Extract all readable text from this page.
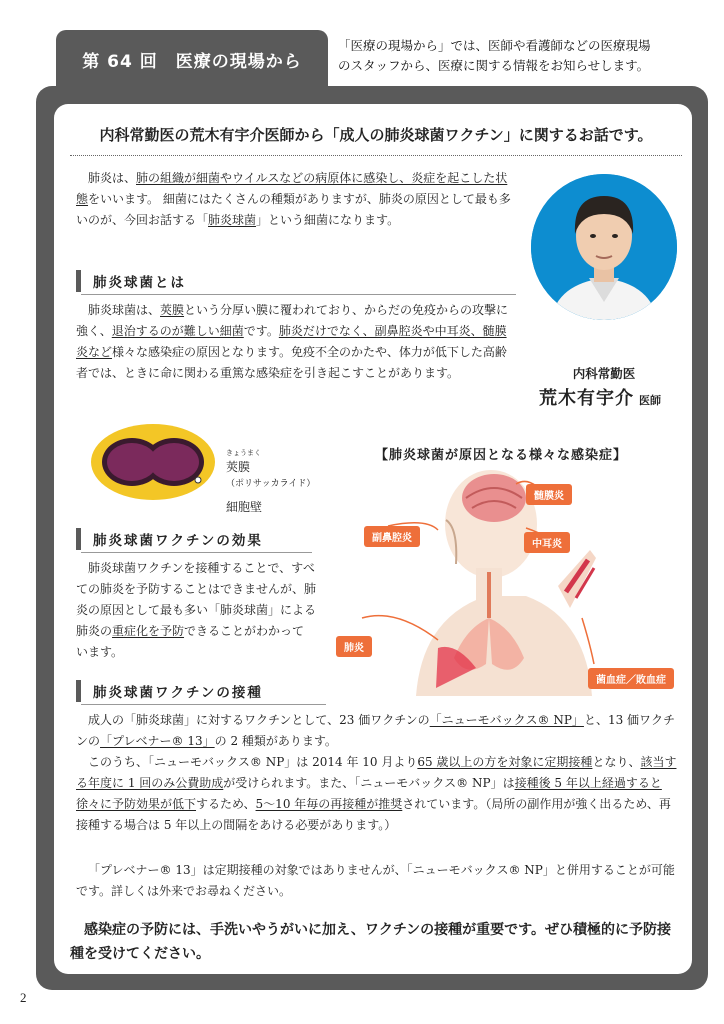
第 64 回　医療の現場から
「医療の現場から」では、医師や看護師などの医療現場
のスタッフから、医療に関する情報をお知らせします。
内科常勤医の荒木有宇介医師から「成人の肺炎球菌ワクチン」に関するお話です。

肺炎は、肺の組織が細菌やウイルスなどの病原体に感染し、炎症を起こした状態をいいます。 細菌にはたくさんの種類がありますが、肺炎の原因として最も多いのが、今回お話する「肺炎球菌」という細菌になります。

内科常勤医
荒木有宇介 医師
肺炎球菌とは

肺炎球菌は、莢膜という分厚い膜に覆われており、からだの免疫からの攻撃に強く、退治するのが難しい細菌です。肺炎だけでなく、副鼻腔炎や中耳炎、髄膜炎など様々な感染症の原因となります。免疫不全のかたや、体力が低下した高齢者では、ときに命に関わる重篤な感染症を引き起こすことがあります。

きょうまく
莢膜
（ポリサッカライド）
細胞壁
肺炎球菌ワクチンの効果

肺炎球菌ワクチンを接種することで、すべての肺炎を予防することはできませんが、肺炎の原因として最も多い「肺炎球菌」による肺炎の重症化を予防できることがわかっています。

【肺炎球菌が原因となる様々な感染症】
髄膜炎
副鼻腔炎
中耳炎
肺炎
菌血症／敗血症
肺炎球菌ワクチンの接種

成人の「肺炎球菌」に対するワクチンとして、23 価ワクチンの「ニューモバックス® NP」と、13 価ワクチンの「プレベナー® 13」の 2 種類があります。

このうち、「ニューモバックス® NP」は 2014 年 10 月より65 歳以上の方を対象に定期接種となり、該当する年度に 1 回のみ公費助成が受けられます。また、「ニューモバックス® NP」は接種後 5 年以上経過すると徐々に予防効果が低下するため、5～10 年毎の再接種が推奨されています。（局所の副作用が強く出るため、再接種する場合は 5 年以上の間隔をあける必要があります。）

「プレベナー® 13」は定期接種の対象ではありませんが、「ニューモバックス® NP」と併用することが可能です。詳しくは外来でお尋ねください。

感染症の予防には、手洗いやうがいに加え、ワクチンの接種が重要です。ぜひ積極的に予防接種を受けてください。

2
